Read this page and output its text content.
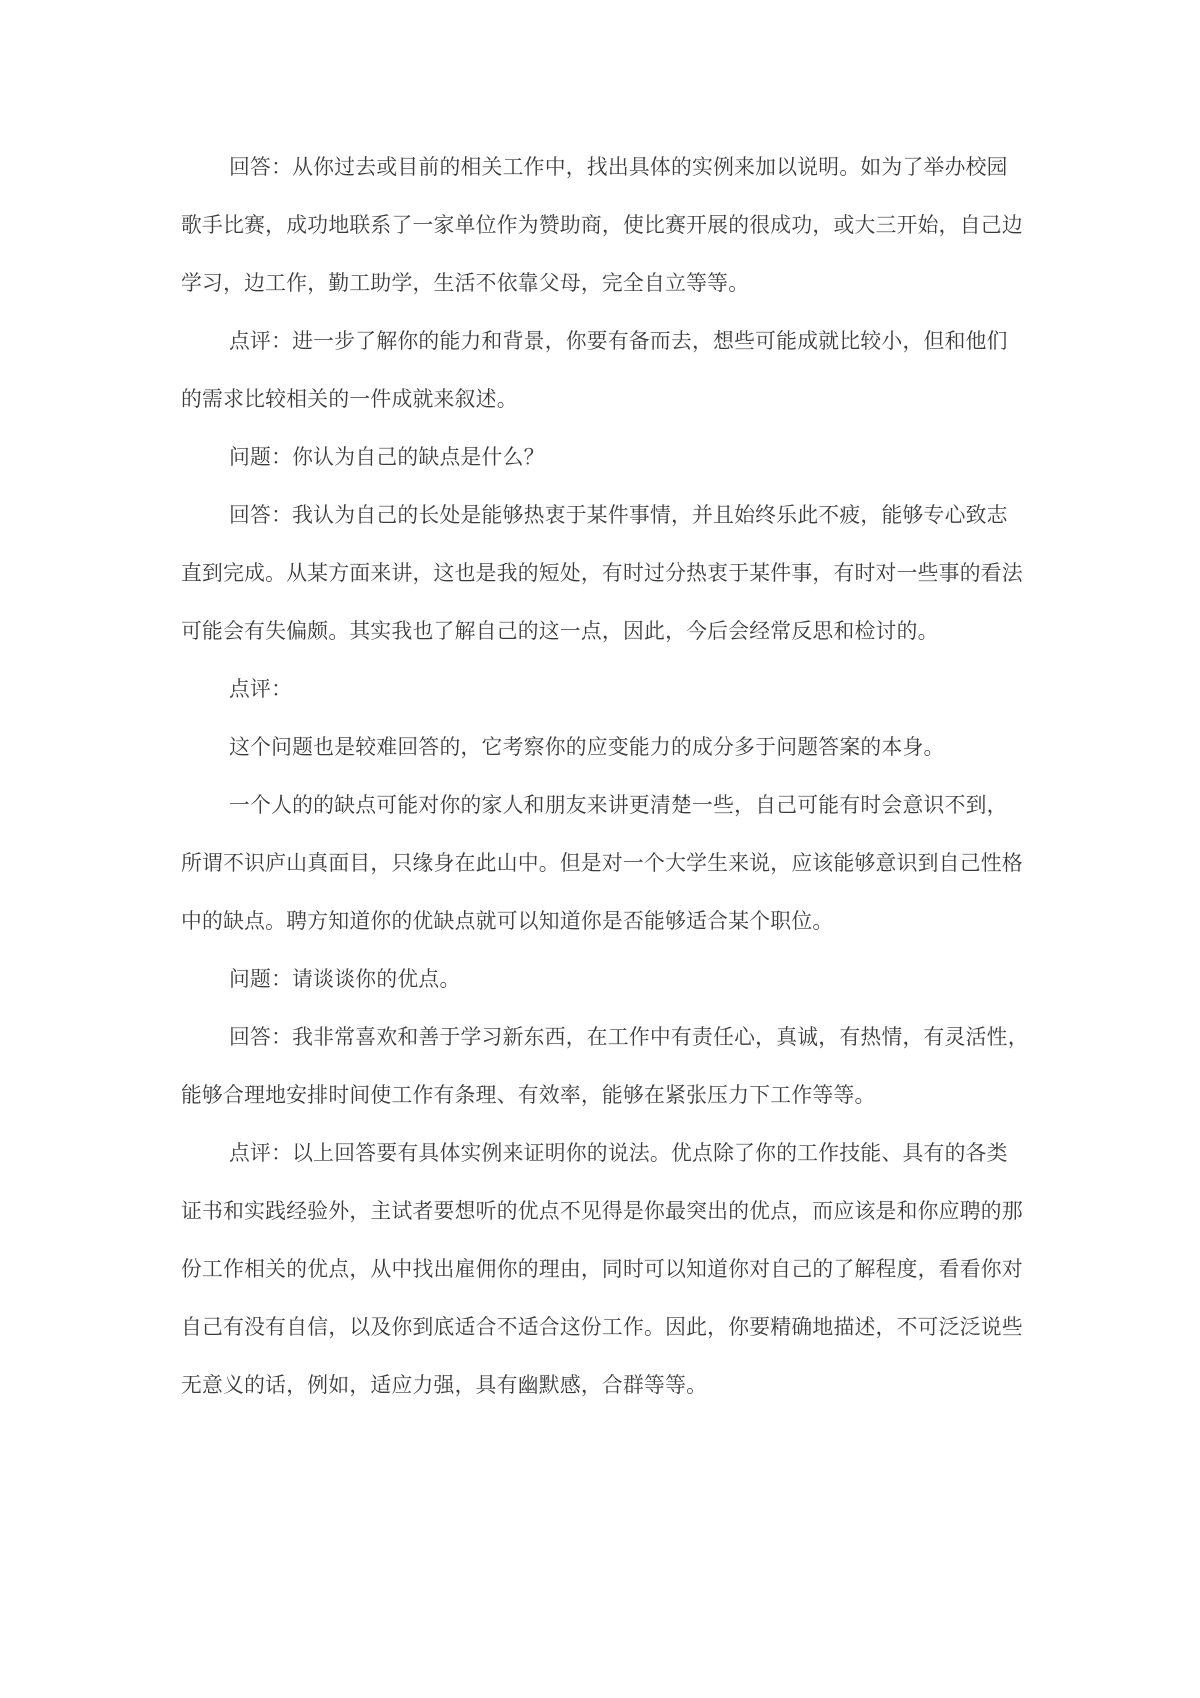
回答：从你过去或目前的相关工作中，找出具体的实例来加以说明。如为了举办校园
歌手比赛，成功地联系了一家单位作为赞助商，使比赛开展的很成功，或大三开始，自己边
学习，边工作，勤工助学，生活不依靠父母，完全自立等等。
点评：进一步了解你的能力和背景，你要有备而去，想些可能成就比较小，但和他们
的需求比较相关的一件成就来叙述。
问题：你认为自己的缺点是什么？
回答：我认为自己的长处是能够热衷于某件事情，并且始终乐此不疲，能够专心致志
直到完成。从某方面来讲，这也是我的短处，有时过分热衷于某件事，有时对一些事的看法
可能会有失偏颇。其实我也了解自己的这一点，因此，今后会经常反思和检讨的。
点评：
这个问题也是较难回答的，它考察你的应变能力的成分多于问题答案的本身。
一个人的的缺点可能对你的家人和朋友来讲更清楚一些，自己可能有时会意识不到，
所谓不识庐山真面目，只缘身在此山中。但是对一个大学生来说，应该能够意识到自己性格
中的缺点。聘方知道你的优缺点就可以知道你是否能够适合某个职位。
问题：请谈谈你的优点。
回答：我非常喜欢和善于学习新东西，在工作中有责任心，真诚，有热情，有灵活性，
能够合理地安排时间使工作有条理、有效率，能够在紧张压力下工作等等。
点评：以上回答要有具体实例来证明你的说法。优点除了你的工作技能、具有的各类
证书和实践经验外，主试者要想听的优点不见得是你最突出的优点，而应该是和你应聘的那
份工作相关的优点，从中找出雇佣你的理由，同时可以知道你对自己的了解程度，看看你对
自己有没有自信，以及你到底适合不适合这份工作。因此，你要精确地描述，不可泛泛说些
无意义的话，例如，适应力强，具有幽默感，合群等等。
